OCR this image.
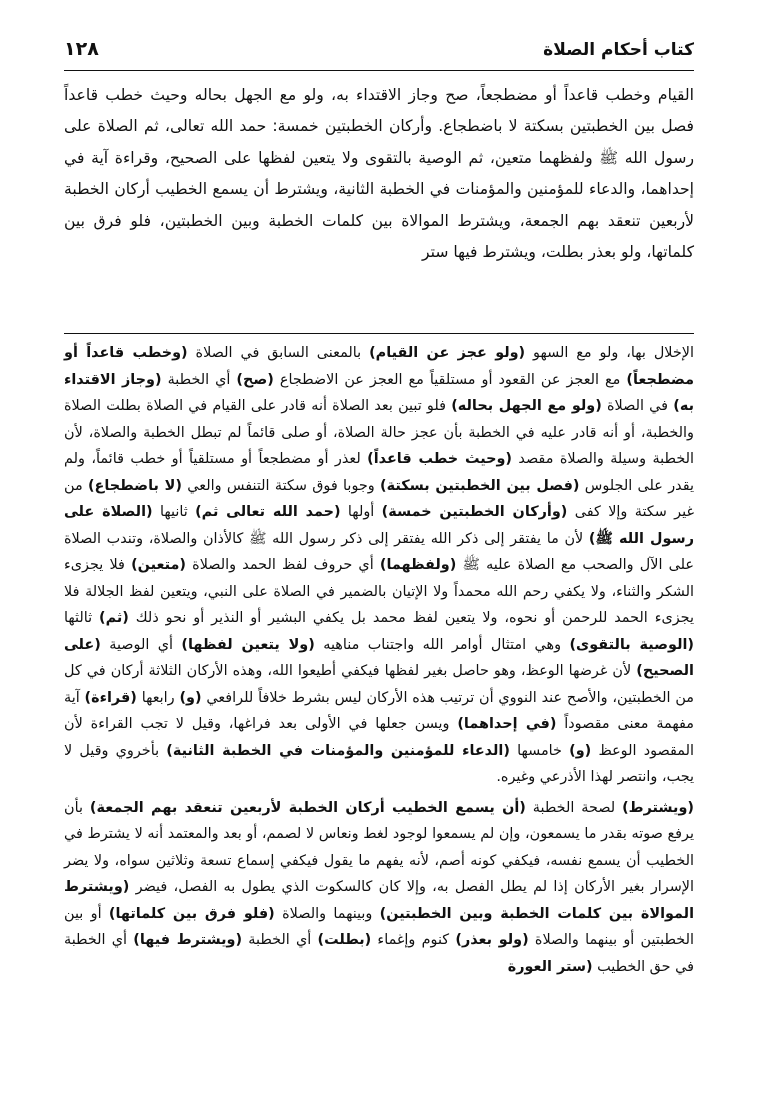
كتاب أحكام الصلاة
١٢٨

القيام وخطب قاعداً أو مضطجعاً، صح وجاز الاقتداء به، ولو مع الجهل بحاله وحيث خطب قاعداً فصل بين الخطبتين بسكتة لا باضطجاع. وأركان الخطبتين خمسة: حمد الله تعالى، ثم الصلاة على رسول الله ﷺ ولفظهما متعين، ثم الوصية بالتقوى ولا يتعين لفظها على الصحيح، وقراءة آية في إحداهما، والدعاء للمؤمنين والمؤمنات في الخطبة الثانية، ويشترط أن يسمع الخطيب أركان الخطبة لأربعين تنعقد بهم الجمعة، ويشترط الموالاة بين كلمات الخطبة وبين الخطبتين، فلو فرق بين كلماتها، ولو بعذر بطلت، ويشترط فيها ستر

الإخلال بها، ولو مع السهو (ولو عجز عن القيام) بالمعنى السابق في الصلاة (وخطب قاعداً أو مضطجعاً) مع العجز عن القعود أو مستلقياً مع العجز عن الاضطجاع (صح) أي الخطبة (وجاز الاقتداء به) في الصلاة (ولو مع الجهل بحاله) فلو تبين بعد الصلاة أنه قادر على القيام في الصلاة بطلت الصلاة والخطبة، أو أنه قادر عليه في الخطبة بأن عجز حالة الصلاة، أو صلى قائماً لم تبطل الخطبة والصلاة، لأن الخطبة وسيلة والصلاة مقصد (وحيث خطب قاعداً) لعذر أو مضطجعاً أو مستلقياً أو خطب قائماً، ولم يقدر على الجلوس (فصل بين الخطبتين بسكتة) وجوبا فوق سكتة التنفس والعي (لا باضطجاع) من غير سكتة وإلا كفى (وأركان الخطبتين خمسة) أولها (حمد الله تعالى ثم) ثانيها (الصلاة على رسول الله ﷺ) لأن ما يفتقر إلى ذكر الله يفتقر إلى ذكر رسول الله ﷺ كالأذان والصلاة، وتندب الصلاة على الآل والصحب مع الصلاة عليه ﷺ (ولفظهما) أي حروف لفظ الحمد والصلاة (متعين) فلا يجزىء الشكر والثناء، ولا يكفي رحم الله محمداً ولا الإتيان بالضمير في الصلاة على النبي، ويتعين لفظ الجلالة فلا يجزىء الحمد للرحمن أو نحوه، ولا يتعين لفظ محمد بل يكفي البشير أو النذير أو نحو ذلك (ثم) ثالثها (الوصية بالتقوى) وهي امتثال أوامر الله واجتناب مناهيه (ولا يتعين لفظها) أي الوصية (على الصحيح) لأن غرضها الوعظ، وهو حاصل بغير لفظها فيكفي أطيعوا الله، وهذه الأركان الثلاثة أركان في كل من الخطبتين، والأصح عند النووي أن ترتيب هذه الأركان ليس بشرط خلافاً للرافعي (و) رابعها (قراءة) آية مفهمة معنى مقصوداً (في إحداهما) ويسن جعلها في الأولى بعد فراغها، وقيل لا تجب القراءة لأن المقصود الوعظ (و) خامسها (الدعاء للمؤمنين والمؤمنات في الخطبة الثانية) بأخروي وقيل لا يجب، وانتصر لهذا الأذرعي وغيره.

(ويشترط) لصحة الخطبة (أن يسمع الخطيب أركان الخطبة لأربعين تنعقد بهم الجمعة) بأن يرفع صوته بقدر ما يسمعون، وإن لم يسمعوا لوجود لغط ونعاس لا لصمم، أو بعد والمعتمد أنه لا يشترط في الخطيب أن يسمع نفسه، فيكفي كونه أصم، لأنه يفهم ما يقول فيكفي إسماع تسعة وثلاثين سواه، ولا يضر الإسرار بغير الأركان إذا لم يطل الفصل به، وإلا كان كالسكوت الذي يطول به الفصل، فيضر (ويشترط الموالاة بين كلمات الخطبة وبين الخطبتين) وبينهما والصلاة (فلو فرق بين كلماتها) أو بين الخطبتين أو بينهما والصلاة (ولو بعذر) كنوم وإغماء (بطلت) أي الخطبة (ويشترط فيها) أي الخطبة في حق الخطيب (ستر العورة
